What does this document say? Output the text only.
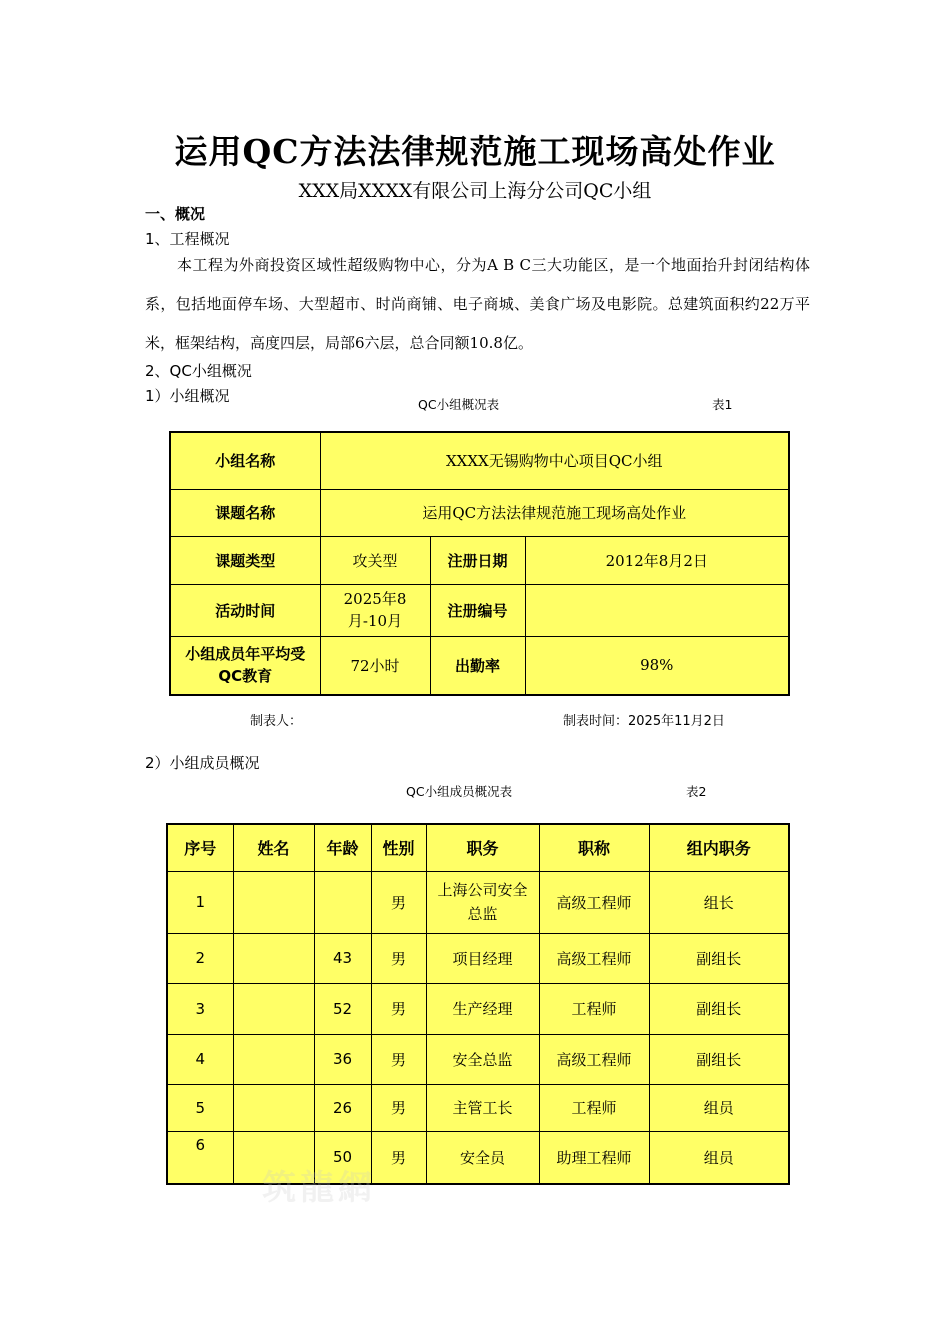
运用QC方法法律规范施工现场高处作业
XXX局XXXX有限公司上海分公司QC小组
一、概况
1、工程概况
本工程为外商投资区域性超级购物中心，分为A B C三大功能区，是一个地面抬升封闭结构体系，包括地面停车场、大型超市、时尚商铺、电子商城、美食广场及电影院。总建筑面积约22万平米，框架结构，高度四层，局部6六层，总合同额10.8亿。
2、QC小组概况
1）小组概况	QC小组概况表	表1
小组名称	XXXX无锡购物中心项目QC小组		
课题名称	运用QC方法法律规范施工现场高处作业		
课题类型	攻关型	注册日期	2012年8月2日
活动时间	2025年8月-10月	注册编号	
小组成员年平均受QC教育	72小时	出勤率	98%
制表人：	制表时间：2025年11月2日
2）小组成员概况
QC小组成员概况表	表2
序号	姓名	年龄	性别	职务	职称	组内职务
1			男	上海公司安全总监	高级工程师	组长
2		43	男	项目经理	高级工程师	副组长
3		52	男	生产经理	工程师	副组长
4		36	男	安全总监	高级工程师	副组长
5		26	男	主管工长	工程师	组员
6		50	男	安全员	助理工程师	组员
筑龍網
